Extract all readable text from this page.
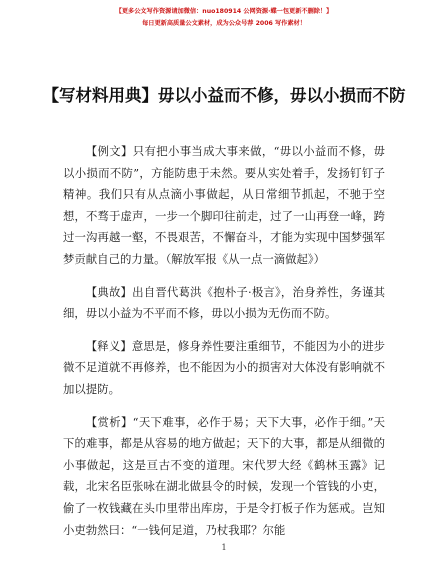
【更多公文写作资源请加微信：nuo180914 公网资源·蝶一包更新不删除！】
每日更新高质量公文素材，成为公众号荐 2006 写作素材！
【写材料用典】毋以小益而不修，毋以小损而不防

【例文】只有把小事当成大事来做，“毋以小益而不修，毋以小损而不防”，方能防患于未然。要从实处着手，发扬钉钉子精神。我们只有从点滴小事做起，从日常细节抓起，不驰于空想，不骛于虚声，一步一个脚印往前走，过了一山再登一峰，跨过一沟再越一壑，不畏艰苦，不懈奋斗，才能为实现中国梦强军梦贡献自己的力量。（解放军报《从一点一滴做起》）

【典故】出自晋代葛洪《抱朴子·极言》，治身养性，务谨其细，毋以小益为不平而不修，毋以小损为无伤而不防。

【释义】意思是，修身养性要注重细节，不能因为小的进步微不足道就不再修养，也不能因为小的损害对大体没有影响就不加以提防。

【赏析】“天下难事，必作于易；天下大事，必作于细。”天下的难事，都是从容易的地方做起；天下的大事，都是从细微的小事做起，这是亘古不变的道理。宋代罗大经《鹤林玉露》记载，北宋名臣张咏在湖北做县令的时候，发现一个管钱的小吏，偷了一枚钱藏在头巾里带出库房，于是令打板子作为惩戒。岂知小吏勃然曰：“一钱何足道，乃杖我耶？尔能

1
